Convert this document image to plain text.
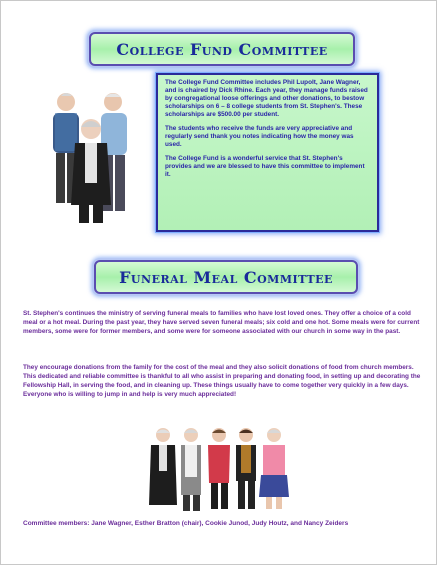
College Fund Committee

The College Fund Committee includes Phil Lupolt, Jane Wagner, and is chaired by Dick Rhine. Each year, they manage funds raised by congregational loose offerings and other donations, to bestow scholarships on 6 – 8 college students from St. Stephen's. These scholarships are $500.00 per student.

The students who receive the funds are very appreciative and regularly send thank you notes indicating how the money was used.

The College Fund is a wonderful service that St. Stephen's provides and we are blessed to have this committee to implement it.

Funeral Meal Committee
St. Stephen's continues the ministry of serving funeral meals to families who have lost loved ones. They offer a choice of a cold meal or a hot meal. During the past year, they have served seven funeral meals; six cold and one hot. Some meals were for current members, some were for former members, and some were for someone associated with our church in some way in the past.
They encourage donations from the family for the cost of the meal and they also solicit donations of food from church members. This dedicated and reliable committee is thankful to all who assist in preparing and donating food, in setting up and decorating the Fellowship Hall, in serving the food, and in cleaning up. These things usually have to come together very quickly in a few days. Everyone who is willing to jump in and help is very much appreciated!
Committee members: Jane Wagner, Esther Bratton (chair), Cookie Junod, Judy Houtz, and Nancy Zeiders
